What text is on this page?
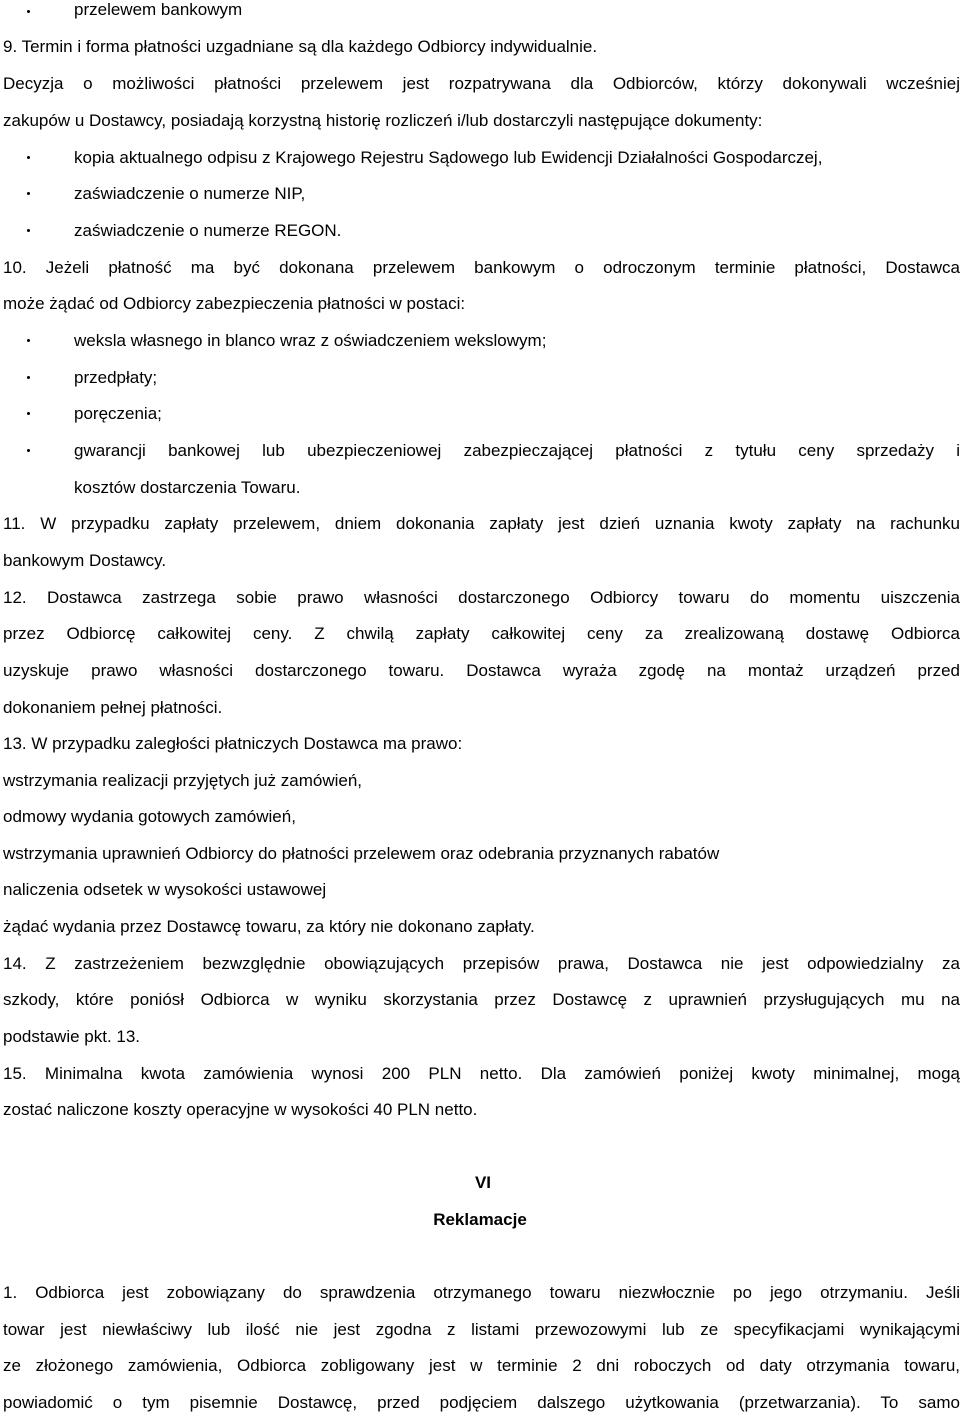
przelewem bankowym
9. Termin i forma płatności uzgadniane są dla każdego Odbiorcy indywidualnie.
Decyzja o możliwości płatności przelewem jest rozpatrywana dla Odbiorców, którzy dokonywali wcześniej
zakupów u Dostawcy, posiadają korzystną historię rozliczeń i/lub dostarczyli następujące dokumenty:
kopia aktualnego odpisu z Krajowego Rejestru Sądowego lub Ewidencji Działalności Gospodarczej,
zaświadczenie o numerze NIP,
zaświadczenie o numerze REGON.
10. Jeżeli płatność ma być dokonana przelewem bankowym o odroczonym terminie płatności, Dostawca
może żądać od Odbiorcy zabezpieczenia płatności w postaci:
weksla własnego in blanco wraz z oświadczeniem wekslowym;
przedpłaty;
poręczenia;
gwarancji bankowej lub ubezpieczeniowej zabezpieczającej płatności z tytułu ceny sprzedaży i
kosztów dostarczenia Towaru.
11. W przypadku zapłaty przelewem, dniem dokonania zapłaty jest dzień uznania kwoty zapłaty na rachunku
bankowym Dostawcy.
12. Dostawca zastrzega sobie prawo własności dostarczonego Odbiorcy towaru do momentu uiszczenia
przez Odbiorcę całkowitej ceny. Z chwilą zapłaty całkowitej ceny za zrealizowaną dostawę Odbiorca
uzyskuje prawo własności dostarczonego towaru. Dostawca wyraża zgodę na montaż urządzeń przed
dokonaniem pełnej płatności.
13. W przypadku zaległości płatniczych Dostawca ma prawo:
wstrzymania realizacji przyjętych już zamówień,
odmowy wydania gotowych zamówień,
wstrzymania uprawnień Odbiorcy do płatności przelewem oraz odebrania przyznanych rabatów
naliczenia odsetek w wysokości ustawowej
żądać wydania przez Dostawcę towaru, za który nie dokonano zapłaty.
14. Z zastrzeżeniem bezwzględnie obowiązujących przepisów prawa, Dostawca nie jest odpowiedzialny za
szkody, które poniósł Odbiorca w wyniku skorzystania przez Dostawcę z uprawnień przysługujących mu na
podstawie pkt. 13.
15. Minimalna kwota zamówienia wynosi 200 PLN netto. Dla zamówień poniżej kwoty minimalnej, mogą
zostać naliczone koszty operacyjne w wysokości 40 PLN netto.
VI
Reklamacje
1. Odbiorca jest zobowiązany do sprawdzenia otrzymanego towaru niezwłocznie po jego otrzymaniu. Jeśli
towar jest niewłaściwy lub ilość nie jest zgodna z listami przewozowymi lub ze specyfikacjami wynikającymi
ze złożonego zamówienia, Odbiorca zobligowany jest w terminie 2 dni roboczych od daty otrzymania towaru,
powiadomić o tym pisemnie Dostawcę, przed podjęciem dalszego użytkowania (przetwarzania). To samo
